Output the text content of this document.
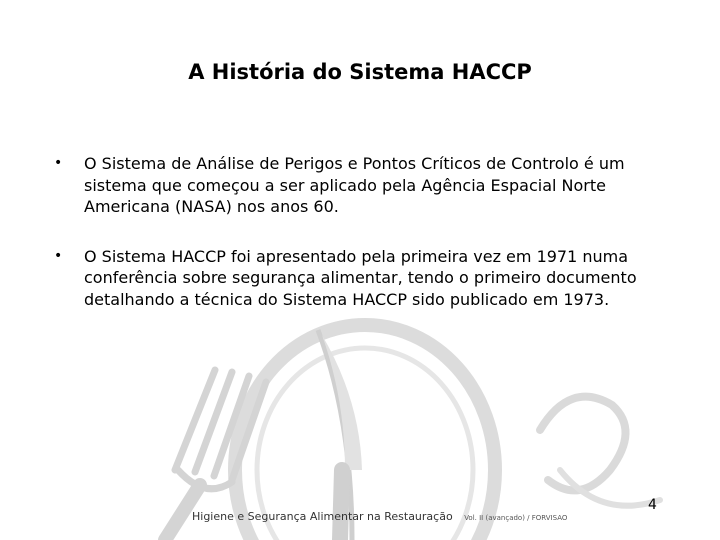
A História do Sistema HACCP
•	O Sistema de Análise de Perigos e Pontos Críticos de Controlo é um sistema que começou a ser aplicado pela Agência Espacial Norte Americana (NASA) nos anos 60.
•	O Sistema HACCP foi apresentado pela primeira vez em 1971 numa conferência sobre segurança alimentar, tendo o primeiro documento detalhando a técnica do Sistema HACCP sido publicado em 1973.
4
Higiene e Segurança Alimentar na Restauração Vol. II (avançado) / FORVISAO
